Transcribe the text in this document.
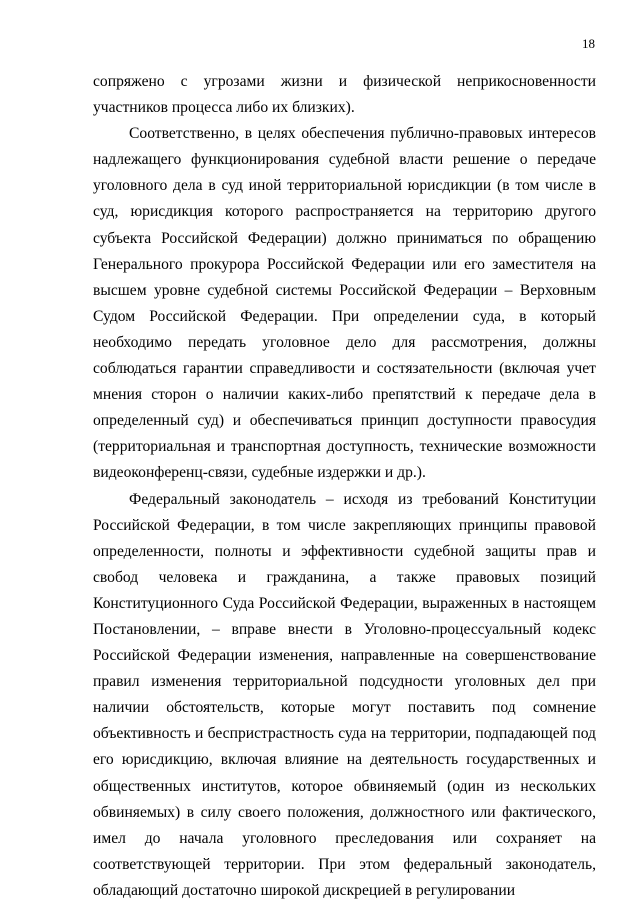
18

сопряжено с угрозами жизни и физической неприкосновенности участников процесса либо их близких).

Соответственно, в целях обеспечения публично-правовых интересов надлежащего функционирования судебной власти решение о передаче уголовного дела в суд иной территориальной юрисдикции (в том числе в суд, юрисдикция которого распространяется на территорию другого субъекта Российской Федерации) должно приниматься по обращению Генерального прокурора Российской Федерации или его заместителя на высшем уровне судебной системы Российской Федерации – Верховным Судом Российской Федерации. При определении суда, в который необходимо передать уголовное дело для рассмотрения, должны соблюдаться гарантии справедливости и состязательности (включая учет мнения сторон о наличии каких-либо препятствий к передаче дела в определенный суд) и обеспечиваться принцип доступности правосудия (территориальная и транспортная доступность, технические возможности видеоконференц-связи, судебные издержки и др.).

Федеральный законодатель – исходя из требований Конституции Российской Федерации, в том числе закрепляющих принципы правовой определенности, полноты и эффективности судебной защиты прав и свобод человека и гражданина, а также правовых позиций Конституционного Суда Российской Федерации, выраженных в настоящем Постановлении, – вправе внести в Уголовно-процессуальный кодекс Российской Федерации изменения, направленные на совершенствование правил изменения территориальной подсудности уголовных дел при наличии обстоятельств, которые могут поставить под сомнение объективность и беспристрастность суда на территории, подпадающей под его юрисдикцию, включая влияние на деятельность государственных и общественных институтов, которое обвиняемый (один из нескольких обвиняемых) в силу своего положения, должностного или фактического, имел до начала уголовного преследования или сохраняет на соответствующей территории. При этом федеральный законодатель, обладающий достаточно широкой дискрецией в регулировании
